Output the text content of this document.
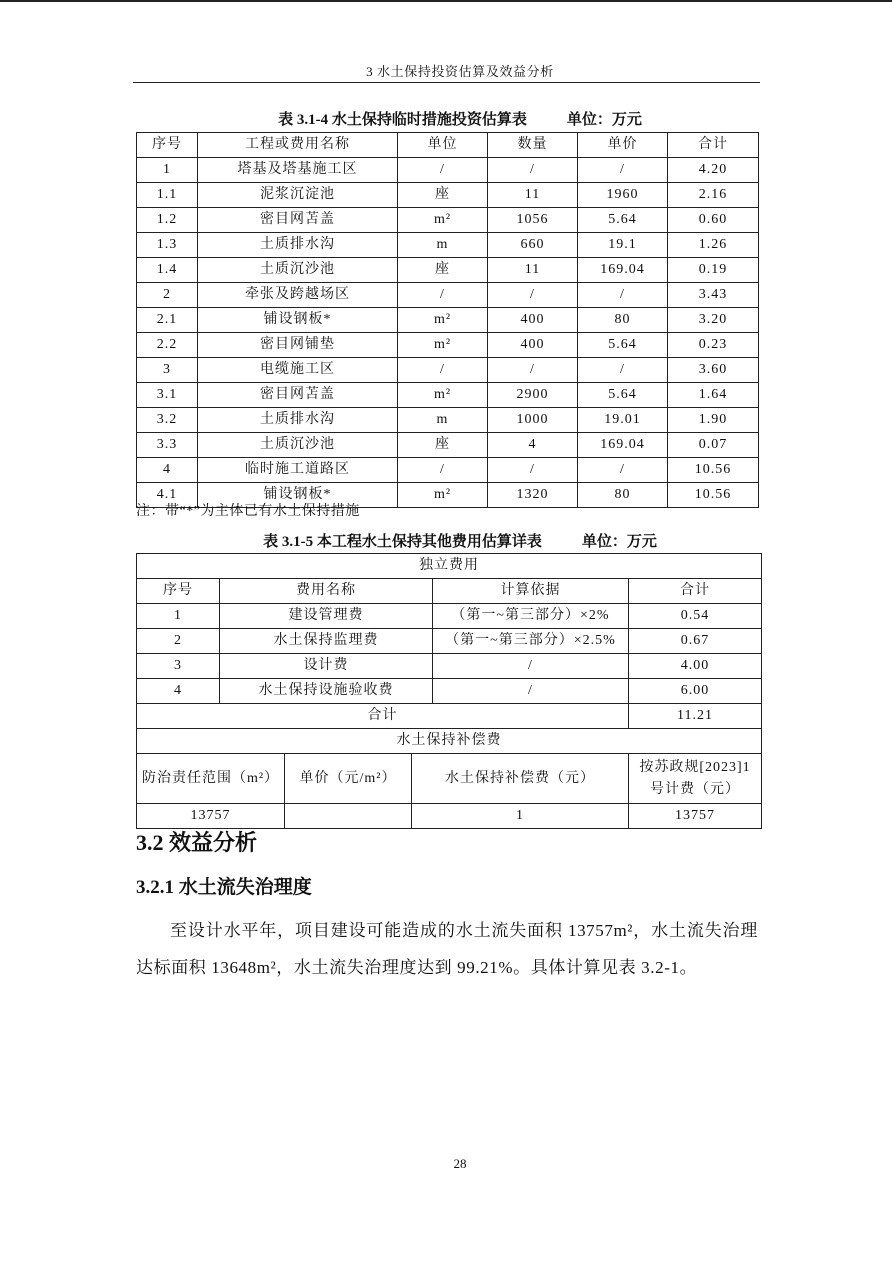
3 水土保持投资估算及效益分析
表 3.1-4 水土保持临时措施投资估算表	单位：万元
序号	工程或费用名称	单位	数量	单价	合计
1	塔基及塔基施工区	/	/	/	4.20
1.1	泥浆沉淀池	座	11	1960	2.16
1.2	密目网苫盖	m²	1056	5.64	0.60
1.3	土质排水沟	m	660	19.1	1.26
1.4	土质沉沙池	座	11	169.04	0.19
2	牵张及跨越场区	/	/	/	3.43
2.1	铺设钢板*	m²	400	80	3.20
2.2	密目网铺垫	m²	400	5.64	0.23
3	电缆施工区	/	/	/	3.60
3.1	密目网苫盖	m²	2900	5.64	1.64
3.2	土质排水沟	m	1000	19.01	1.90
3.3	土质沉沙池	座	4	169.04	0.07
4	临时施工道路区	/	/	/	10.56
4.1	铺设钢板*	m²	1320	80	10.56
注：带“*”为主体已有水土保持措施
表 3.1-5 本工程水土保持其他费用估算详表	单位：万元
独立费用					
序号	费用名称			计算依据	合计
1	建设管理费			（第一~第三部分）×2%	0.54
2	水土保持监理费			（第一~第三部分）×2.5%	0.67
3	设计费			/	4.00
4	水土保持设施验收费			/	6.00
合计					11.21
水土保持补偿费					
防治责任范围（m²）		单价（元/m²）	水土保持补偿费（元）		按苏政规[2023]1
号计费（元）

13757			1		13757
3.2 效益分析
3.2.1 水土流失治理度
至设计水平年，项目建设可能造成的水土流失面积 13757m²，水土流失治理
达标面积 13648m²，水土流失治理度达到 99.21%。具体计算见表 3.2-1。
28
